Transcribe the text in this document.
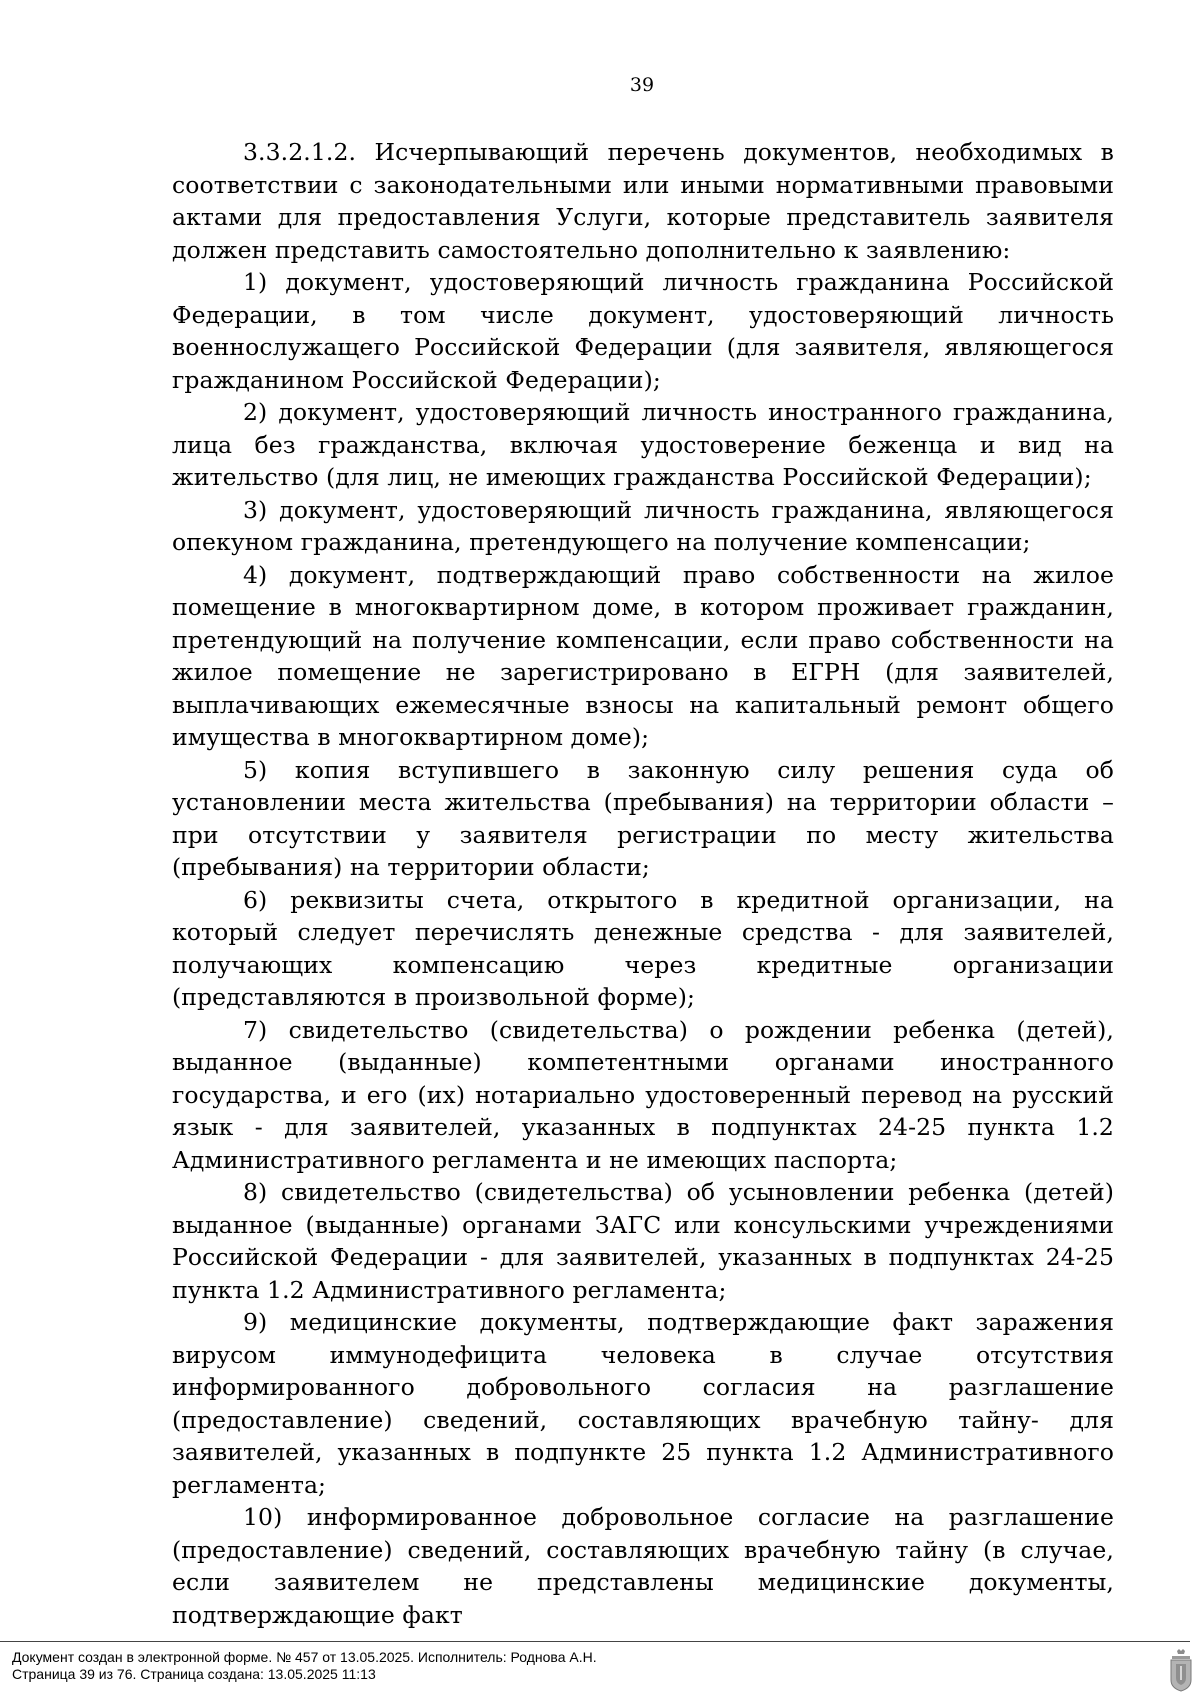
39

3.3.2.1.2. Исчерпывающий перечень документов, необходимых в соответствии с законодательными или иными нормативными правовыми актами для предоставления Услуги, которые представитель заявителя должен представить самостоятельно дополнительно к заявлению:

1) документ, удостоверяющий личность гражданина Российской Федерации, в том числе документ, удостоверяющий личность военнослужащего Российской Федерации (для заявителя, являющегося гражданином Российской Федерации);

2) документ, удостоверяющий личность иностранного гражданина, лица без гражданства, включая удостоверение беженца и вид на жительство (для лиц, не имеющих гражданства Российской Федерации);

3) документ, удостоверяющий личность гражданина, являющегося опекуном гражданина, претендующего на получение компенсации;

4) документ, подтверждающий право собственности на жилое помещение в многоквартирном доме, в котором проживает гражданин, претендующий на получение компенсации, если право собственности на жилое помещение не зарегистрировано в ЕГРН (для заявителей, выплачивающих ежемесячные взносы на капитальный ремонт общего имущества в многоквартирном доме);

5) копия вступившего в законную силу решения суда об установлении места жительства (пребывания) на территории области – при отсутствии у заявителя регистрации по месту жительства (пребывания) на территории области;

6) реквизиты счета, открытого в кредитной организации, на который следует перечислять денежные средства - для заявителей, получающих компенсацию через кредитные организации (представляются в произвольной форме);

7) свидетельство (свидетельства) о рождении ребенка (детей), выданное (выданные) компетентными органами иностранного государства, и его (их) нотариально удостоверенный перевод на русский язык - для заявителей, указанных в подпунктах 24-25 пункта 1.2 Административного регламента и не имеющих паспорта;

8) свидетельство (свидетельства) об усыновлении ребенка (детей) выданное (выданные) органами ЗАГС или консульскими учреждениями Российской Федерации - для заявителей, указанных в подпунктах 24-25 пункта 1.2 Административного регламента;

9) медицинские документы, подтверждающие факт заражения вирусом иммунодефицита человека в случае отсутствия информированного добровольного согласия на разглашение (предоставление) сведений, составляющих врачебную тайну- для заявителей, указанных в подпункте 25 пункта 1.2 Административного регламента;

10) информированное добровольное согласие на разглашение (предоставление) сведений, составляющих врачебную тайну (в случае, если заявителем не представлены медицинские документы, подтверждающие факт

Документ создан в электронной форме. № 457 от 13.05.2025. Исполнитель: Роднова А.Н.
Страница 39 из 76. Страница создана: 13.05.2025 11:13
